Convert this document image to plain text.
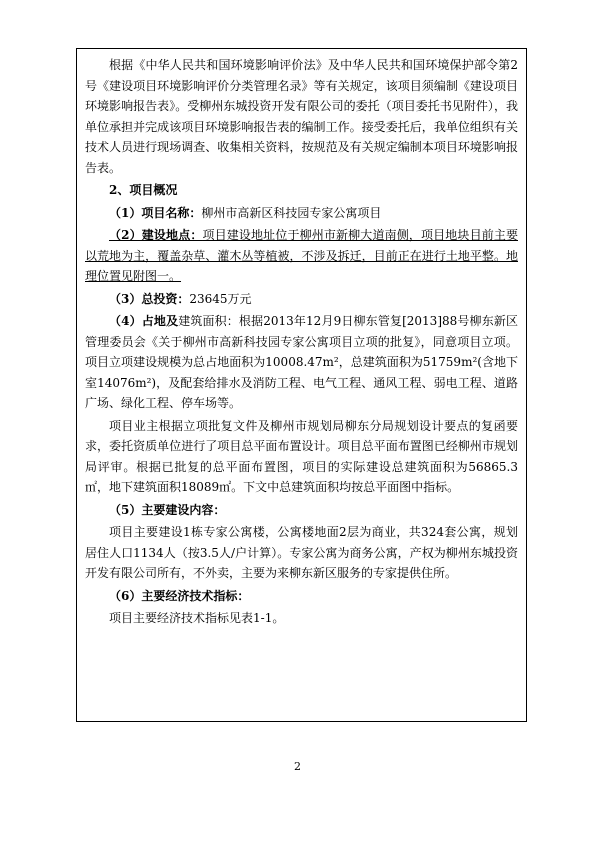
根据《中华人民共和国环境影响评价法》及中华人民共和国环境保护部令第2号《建设项目环境影响评价分类管理名录》等有关规定，该项目须编制《建设项目环境影响报告表》。受柳州东城投资开发有限公司的委托（项目委托书见附件），我单位承担并完成该项目环境影响报告表的编制工作。接受委托后，我单位组织有关技术人员进行现场调查、收集相关资料，按规范及有关规定编制本项目环境影响报告表。

2、项目概况

（1）项目名称：柳州市高新区科技园专家公寓项目

（2）建设地点：项目建设地址位于柳州市新柳大道南侧，项目地块目前主要以荒地为主，覆盖杂草、灌木丛等植被，不涉及拆迁，目前正在进行土地平整。地理位置见附图一。

（3）总投资：23645万元

（4）占地及建筑面积：根据2013年12月9日柳东管复[2013]88号柳东新区管理委员会《关于柳州市高新科技园专家公寓项目立项的批复》，同意项目立项。项目立项建设规模为总占地面积为10008.47m²，总建筑面积为51759m²(含地下室14076m²)，及配套给排水及消防工程、电气工程、通风工程、弱电工程、道路广场、绿化工程、停车场等。

项目业主根据立项批复文件及柳州市规划局柳东分局规划设计要点的复函要求，委托资质单位进行了项目总平面布置设计。项目总平面布置图已经柳州市规划局评审。根据已批复的总平面布置图，项目的实际建设总建筑面积为56865.3㎡，地下建筑面积18089㎡。下文中总建筑面积均按总平面图中指标。

（5）主要建设内容：

项目主要建设1栋专家公寓楼，公寓楼地面2层为商业，共324套公寓，规划居住人口1134人（按3.5人/户计算）。专家公寓为商务公寓，产权为柳州东城投资开发有限公司所有，不外卖，主要为来柳东新区服务的专家提供住所。

（6）主要经济技术指标：

项目主要经济技术指标见表1-1。

2
